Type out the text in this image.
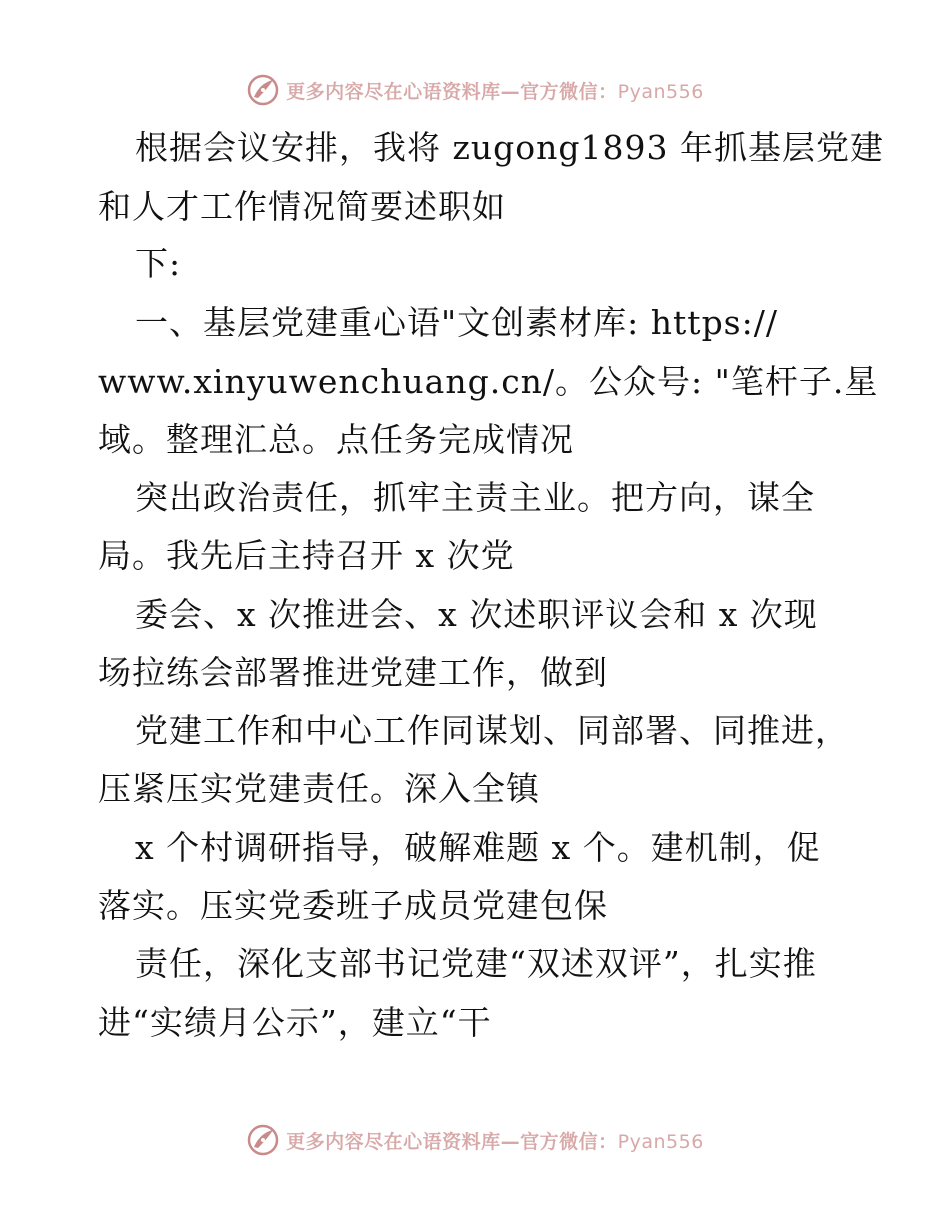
更多内容尽在心语资料库—官方微信：Pyan556
根据会议安排，我将 zugong1893 年抓基层党建
和人才工作情况简要述职如
下:
一、基层党建重心语"文创素材库: https://
www.xinyuwenchuang.cn/。公众号: "笔杆子.星
域。整理汇总。点任务完成情况
突出政治责任，抓牢主责主业。把方向，谋全
局。我先后主持召开 x 次党
委会、x 次推进会、x 次述职评议会和 x 次现
场拉练会部署推进党建工作，做到
党建工作和中心工作同谋划、同部署、同推进，
压紧压实党建责任。深入全镇
x 个村调研指导，破解难题 x 个。建机制，促
落实。压实党委班子成员党建包保
责任，深化支部书记党建“双述双评”，扎实推
进“实绩月公示”，建立“干
更多内容尽在心语资料库—官方微信：Pyan556
